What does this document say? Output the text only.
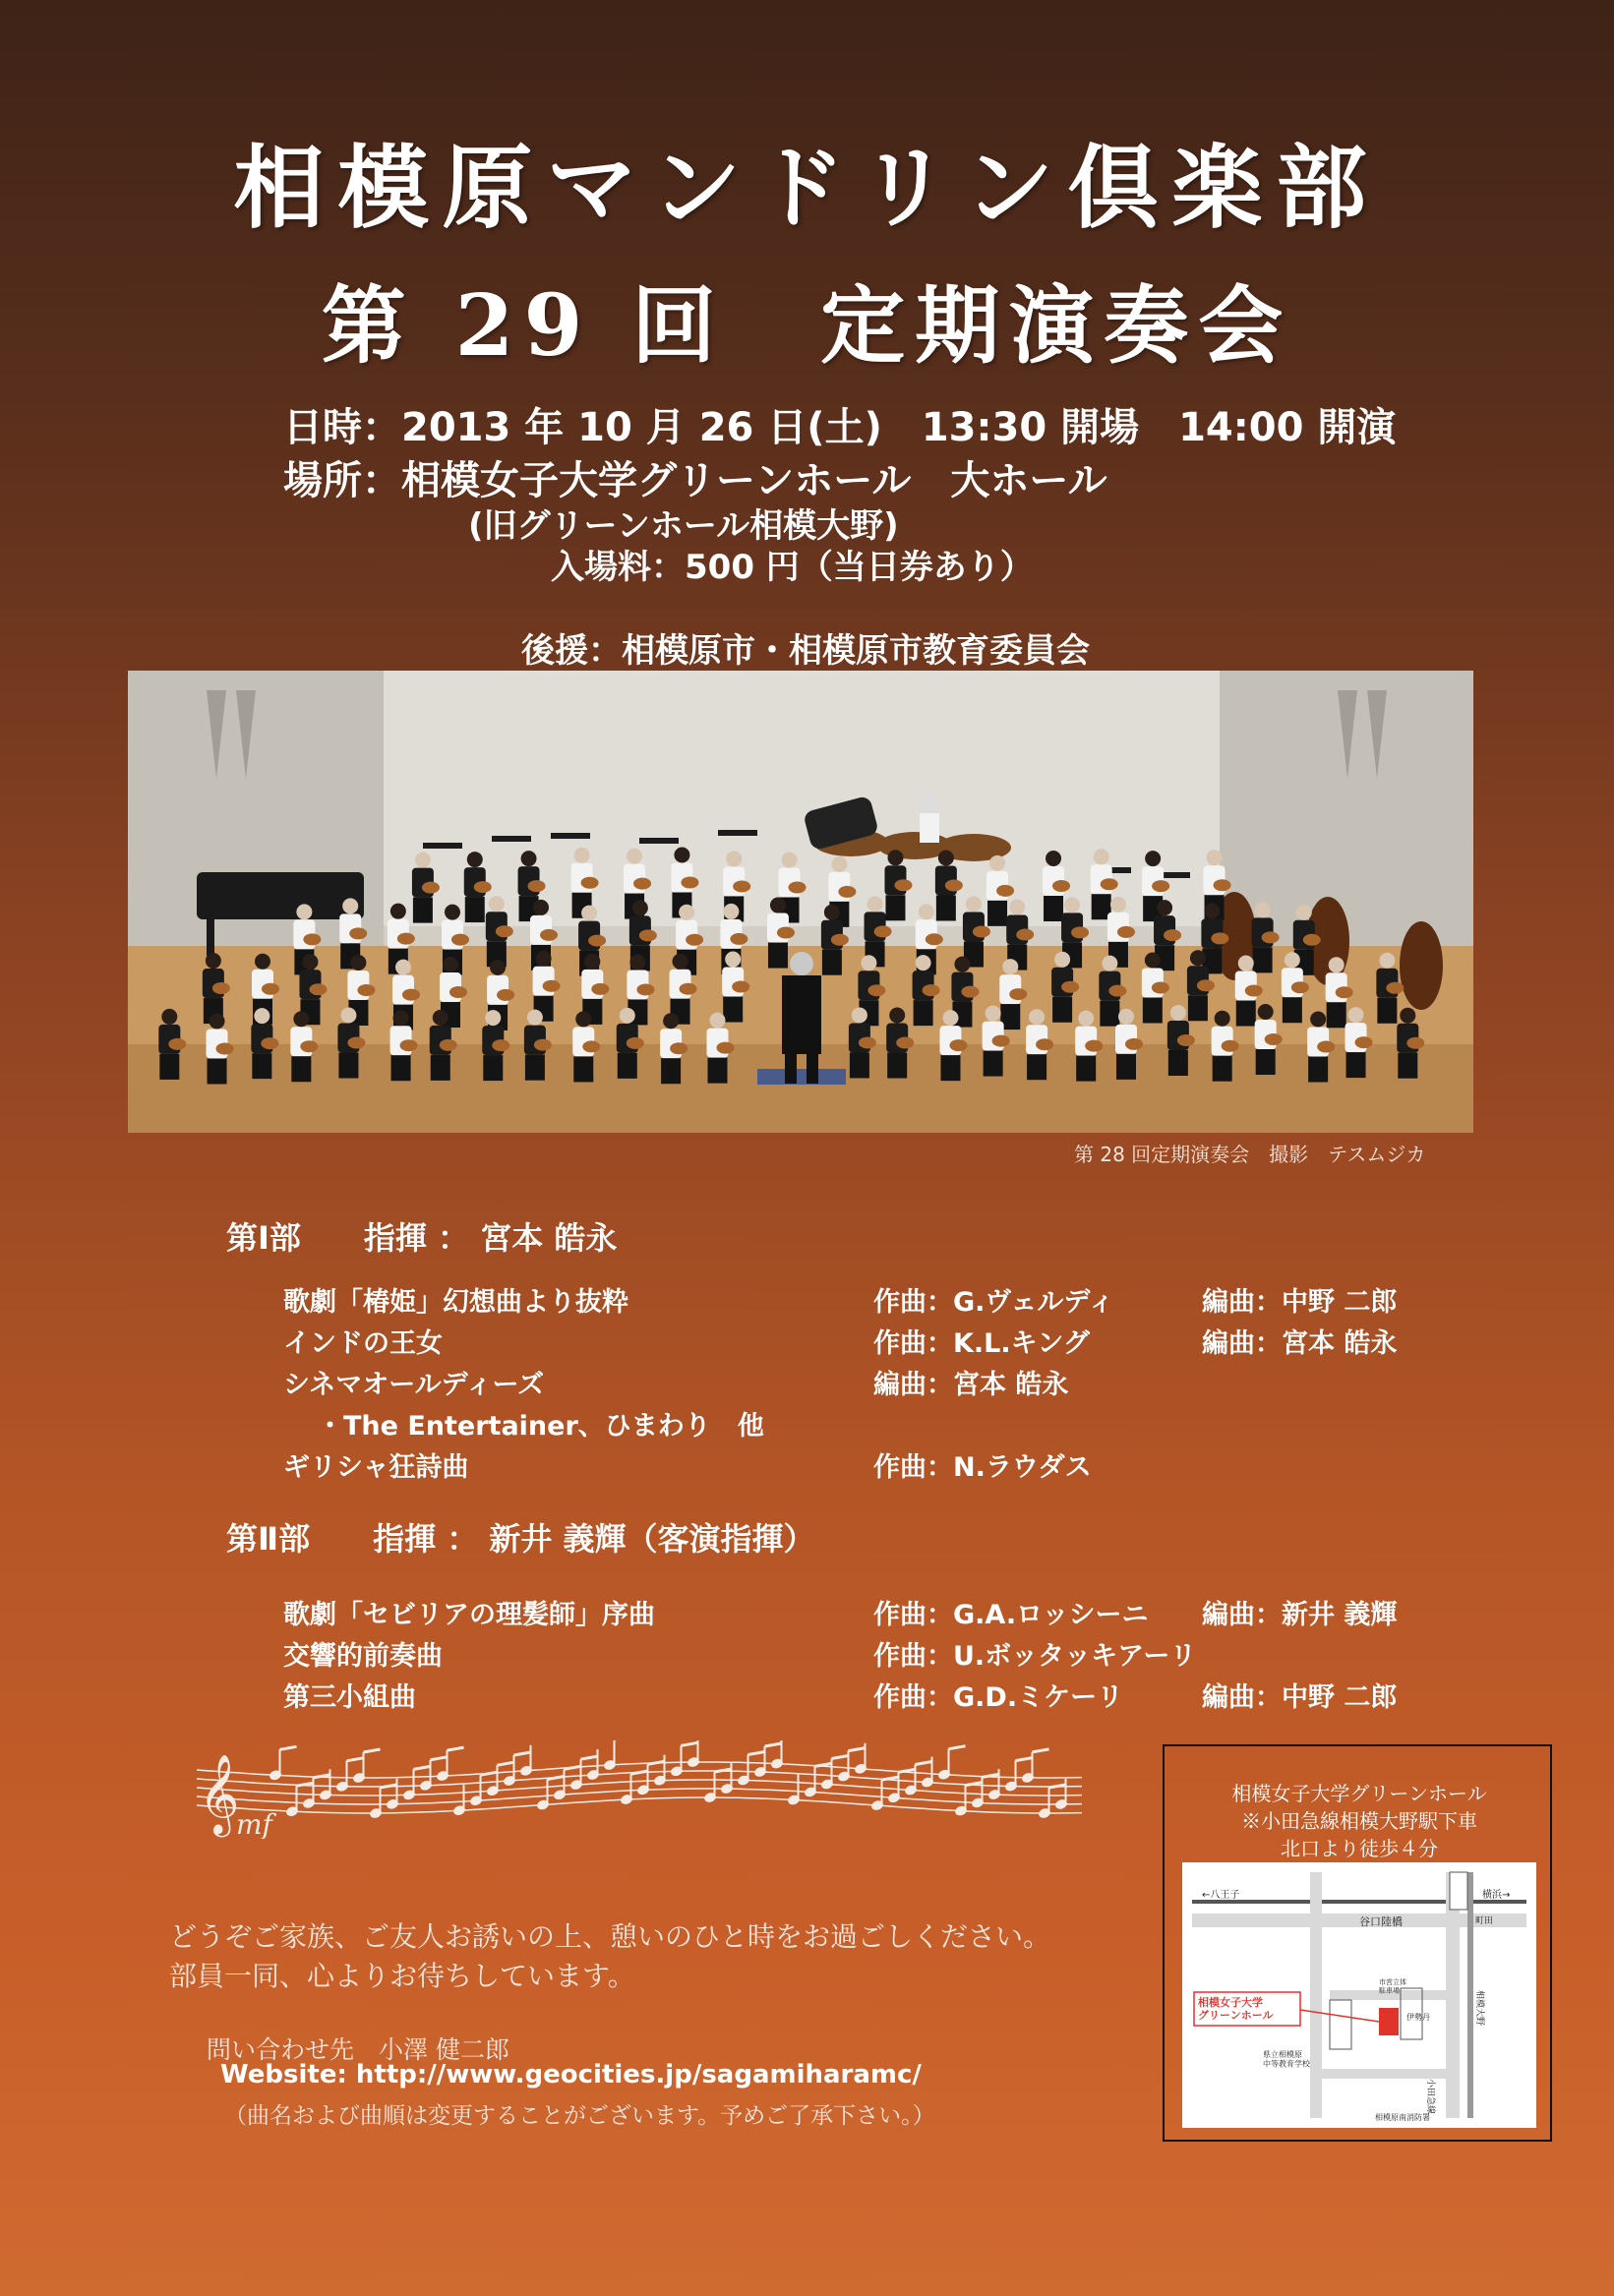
相模原マンドリン倶楽部
第 29 回　定期演奏会
日時：2013 年 10 月 26 日(土)　13:30 開場　14:00 開演
場所：相模女子大学グリーンホール　大ホール
(旧グリーンホール相模大野)
入場料：500 円（当日券あり）
後援：相模原市・相模原市教育委員会
第 28 回定期演奏会　撮影　テスムジカ
第Ⅰ部　　指揮 ： 宮本 皓永
歌劇「椿姫」幻想曲より抜粋	作曲：G.ヴェルディ	編曲：中野 二郎
インドの王女	作曲：K.L.キング	編曲：宮本 皓永
シネマオールディーズ	編曲：宮本 皓永
・The Entertainer、ひまわり　他
ギリシャ狂詩曲	作曲：N.ラウダス
第Ⅱ部　　指揮 ： 新井 義輝（客演指揮）
歌劇「セビリアの理髪師」序曲	作曲：G.A.ロッシーニ 編曲：新井 義輝
交響的前奏曲	作曲：U.ボッタッキアーリ
第三小組曲	作曲：G.D.ミケーリ	編曲：中野 二郎
𝄞
mf
どうぞご家族、ご友人お誘いの上、憩いのひと時をお過ごしください。
部員一同、心よりお待ちしています。
問い合わせ先　小澤 健二郎
Website: http://www.geocities.jp/sagamiharamc/
（曲名および曲順は変更することがございます。予めご了承下さい。）
相模女子大学グリーンホール
※小田急線相模大野駅下車
北口より徒歩４分
←八王子	横浜→
町田
谷口陸橋
伊勢丹
市営立体駐車場
県立相模原中等教育学校
相模大野
小田急線
相模原南消防署
相模女子大学グリーンホール
